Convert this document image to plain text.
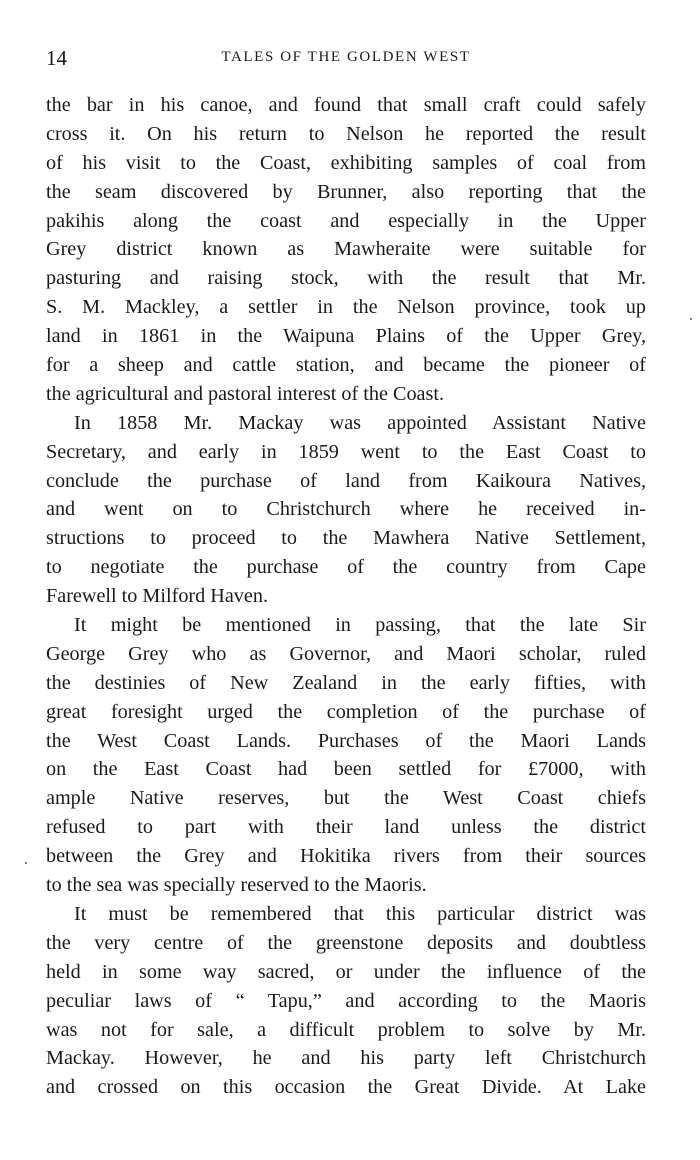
14	TALES OF THE GOLDEN WEST

the bar in his canoe, and found that small craft could safely
cross it. On his return to Nelson he reported the result
of his visit to the Coast, exhibiting samples of coal from
the seam discovered by Brunner, also reporting that the
pakihis along the coast and especially in the Upper
Grey district known as Mawheraite were suitable for
pasturing and raising stock, with the result that Mr.
S. M. Mackley, a settler in the Nelson province, took up
land in 1861 in the Waipuna Plains of the Upper Grey,
for a sheep and cattle station, and became the pioneer of
the agricultural and pastoral interest of the Coast.

In 1858 Mr. Mackay was appointed Assistant Native
Secretary, and early in 1859 went to the East Coast to
conclude the purchase of land from Kaikoura Natives,
and went on to Christchurch where he received in-
structions to proceed to the Mawhera Native Settlement,
to negotiate the purchase of the country from Cape
Farewell to Milford Haven.

It might be mentioned in passing, that the late Sir
George Grey who as Governor, and Maori scholar, ruled
the destinies of New Zealand in the early fifties, with
great foresight urged the completion of the purchase of
the West Coast Lands. Purchases of the Maori Lands
on the East Coast had been settled for £7000, with
ample Native reserves, but the West Coast chiefs
refused to part with their land unless the district
between the Grey and Hokitika rivers from their sources
to the sea was specially reserved to the Maoris.

It must be remembered that this particular district was
the very centre of the greenstone deposits and doubtless
held in some way sacred, or under the influence of the
peculiar laws of “ Tapu,” and according to the Maoris
was not for sale, a difficult problem to solve by Mr.
Mackay. However, he and his party left Christchurch
and crossed on this occasion the Great Divide. At Lake
